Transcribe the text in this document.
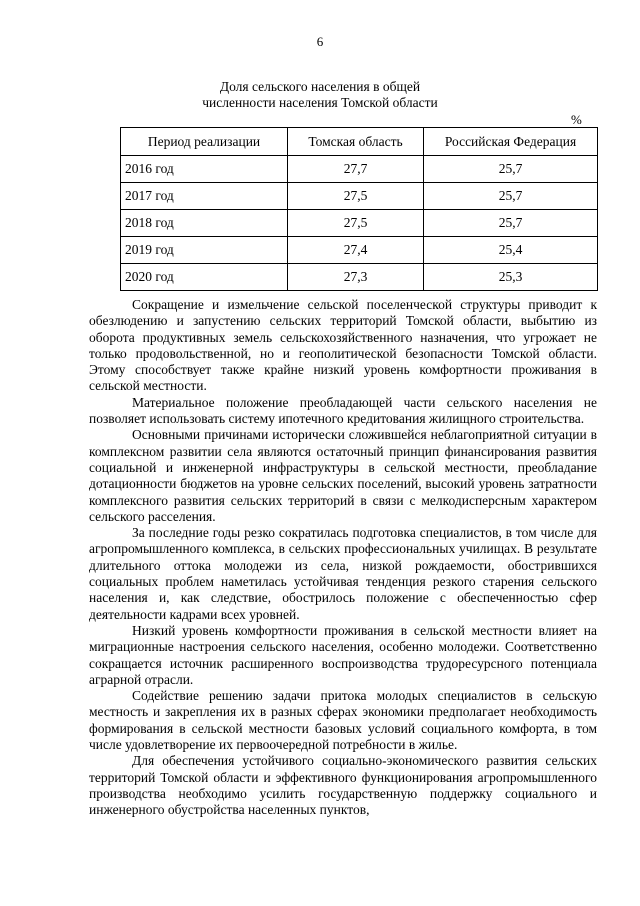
6
Доля сельского населения в общей
численности населения Томской области
%
Период реализации	Томская область	Российская Федерация
2016 год	27,7	25,7
2017 год	27,5	25,7
2018 год	27,5	25,7
2019 год	27,4	25,4
2020 год	27,3	25,3

Сокращение и измельчение сельской поселенческой структуры приводит к обезлюдению и запустению сельских территорий Томской области, выбытию из оборота продуктивных земель сельскохозяйственного назначения, что угрожает не только продовольственной, но и геополитической безопасности Томской области. Этому способствует также крайне низкий уровень комфортности проживания в сельской местности.

Материальное положение преобладающей части сельского населения не позволяет использовать систему ипотечного кредитования жилищного строительства.

Основными причинами исторически сложившейся неблагоприятной ситуации в комплексном развитии села являются остаточный принцип финансирования развития социальной и инженерной инфраструктуры в сельской местности, преобладание дотационности бюджетов на уровне сельских поселений, высокий уровень затратности комплексного развития сельских территорий в связи с мелкодисперсным характером сельского расселения.

За последние годы резко сократилась подготовка специалистов, в том числе для агропромышленного комплекса, в сельских профессиональных училищах. В результате длительного оттока молодежи из села, низкой рождаемости, обострившихся социальных проблем наметилась устойчивая тенденция резкого старения сельского населения и, как следствие, обострилось положение с обеспеченностью сфер деятельности кадрами всех уровней.

Низкий уровень комфортности проживания в сельской местности влияет на миграционные настроения сельского населения, особенно молодежи. Соответственно сокращается источник расширенного воспроизводства трудоресурсного потенциала аграрной отрасли.

Содействие решению задачи притока молодых специалистов в сельскую местность и закрепления их в разных сферах экономики предполагает необходимость формирования в сельской местности базовых условий социального комфорта, в том числе удовлетворение их первоочередной потребности в жилье.

Для обеспечения устойчивого социально-экономического развития сельских территорий Томской области и эффективного функционирования агропромышленного производства необходимо усилить государственную поддержку социального и инженерного обустройства населенных пунктов,
